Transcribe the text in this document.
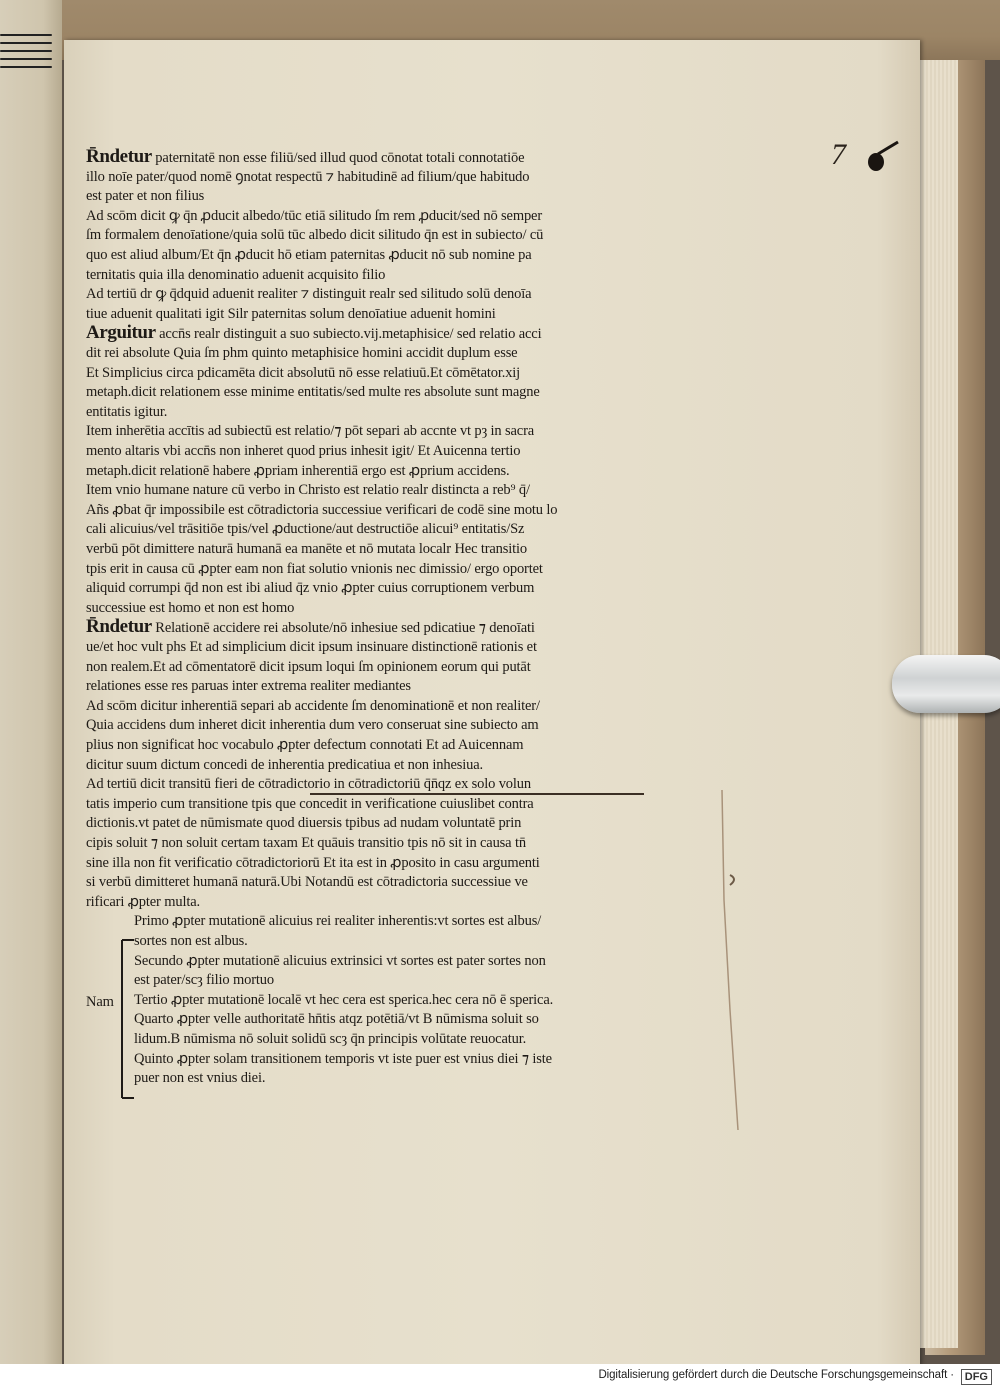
7
R̄ndetur paternitatē non esse filiū/sed illud quod cōnotat totali connotatiōe
illo noīe pater/quod nomē ꝯnotat respectū ⁊ habitudinē ad filium/que habitudo
est pater et non filius
Ad scōm dicit ꝙ q̄n ꝓducit albedo/tūc etiā silitudo ſm rem ꝓducit/sed nō semper
ſm formalem denoīatione/quia solū tūc albedo dicit silitudo q̄n est in subiecto/ cū
quo est aliud album/Et q̄n ꝓducit hō etiam paternitas ꝓducit nō sub nomine pa
ternitatis quia illa denominatio aduenit acquisito filio
Ad tertiū dr ꝙ q̄dquid aduenit realiter ⁊ distinguit realr sed silitudo solū denoīa
tiue aduenit qualitati igit Silr paternitas solum denoīatiue aduenit homini
Arguitur accn̄s realr distinguit a suo subiecto.vij.metaphisice/ sed relatio acci
dit rei absolute Quia ſm phm quinto metaphisice homini accidit duplum esse
Et Simplicius circa pdicamēta dicit absolutū nō esse relatiuū.Et cōmētator.xij
metaph.dicit relationem esse minime entitatis/sed multe res absolute sunt magne
entitatis igitur.
Item inherētia accītis ad subiectū est relatio/⁊ pōt separi ab accnte vt pȝ in sacra
mento altaris vbi accn̄s non inheret quod prius inhesit igit/ Et Auicenna tertio
metaph.dicit relationē habere ꝓpriam inherentiā ergo est ꝓprium accidens.
Item vnio humane nature cū verbo in Christo est relatio realr distincta a reb⁹ q̄/
Añs ꝓbat q̄r impossibile est cōtradictoria successiue verificari de codē sine motu lo
cali alicuius/vel trāsitiōe tpis/vel ꝓductione/aut destructiōe alicui⁹ entitatis/Sz
verbū pōt dimittere naturā humanā ea manēte et nō mutata localr Hec transitio
tpis erit in causa cū ꝓpter eam non fiat solutio vnionis nec dimissio/ ergo oportet
aliquid corrumpi q̄d non est ibi aliud q̄z vnio ꝓpter cuius corruptionem verbum
successiue est homo et non est homo
R̄ndetur Relationē accidere rei absolute/nō inhesiue sed pdicatiue ⁊ denoīati
ue/et hoc vult phs Et ad simplicium dicit ipsum insinuare distinctionē rationis et
non realem.Et ad cōmentatorē dicit ipsum loqui ſm opinionem eorum qui putāt
relationes esse res paruas inter extrema realiter mediantes
Ad scōm dicitur inherentiā separi ab accidente ſm denominationē et non realiter/
Quia accidens dum inheret dicit inherentia dum vero conseruat sine subiecto am
plius non significat hoc vocabulo ꝓpter defectum connotati Et ad Auicennam
dicitur suum dictum concedi de inherentia predicatiua et non inhesiua.
Ad tertiū dicit transitū fieri de cōtradictorio in cōtradictoriū q̄n̄qz ex solo volun
tatis imperio cum transitione tpis que concedit in verificatione cuiuslibet contra
dictionis.vt patet de nūmismate quod diuersis tpibus ad nudam voluntatē prin
cipis soluit ⁊ non soluit certam taxam Et quāuis transitio tpis nō sit in causa tn̄
sine illa non fit verificatio cōtradictoriorū Et ita est in ꝓposito in casu argumenti
si verbū dimitteret humanā naturā.Ubi Notandū est cōtradictoria successiue ve
rificari ꝓpter multa.
Nam
Primo ꝓpter mutationē alicuius rei realiter inherentis:vt sortes est albus/
sortes non est albus.
Secundo ꝓpter mutationē alicuius extrinsici vt sortes est pater sortes non
est pater/scȝ filio mortuo
Tertio ꝓpter mutationē localē vt hec cera est sperica.hec cera nō ē sperica.
Quarto ꝓpter velle authoritatē hn̄tis atqz potētiā/vt B nūmisma soluit so
lidum.B nūmisma nō soluit solidū scȝ q̄n principis volūtate reuocatur.
Quinto ꝓpter solam transitionem temporis vt iste puer est vnius diei ⁊ iste
puer non est vnius diei.
Digitalisierung gefördert durch die Deutsche Forschungsgemeinschaft · DFG
